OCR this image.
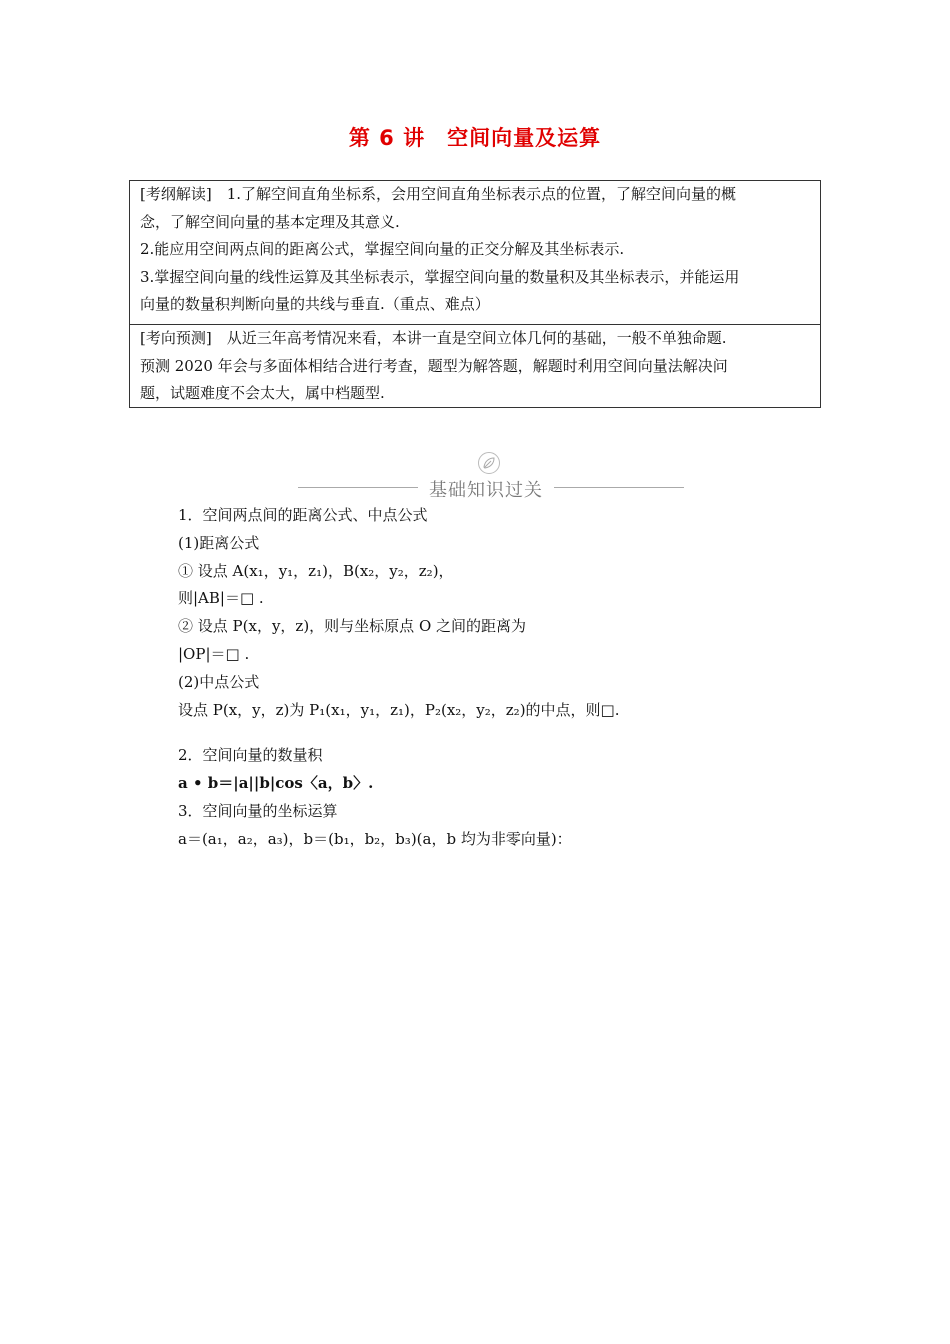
第 6 讲　空间向量及运算

[考纲解读]　1.了解空间直角坐标系，会用空间直角坐标表示点的位置，了解空间向量的概

念，了解空间向量的基本定理及其意义.

2.能应用空间两点间的距离公式，掌握空间向量的正交分解及其坐标表示.

3.掌握空间向量的线性运算及其坐标表示，掌握空间向量的数量积及其坐标表示，并能运用

向量的数量积判断向量的共线与垂直.（重点、难点）

[考向预测]　从近三年高考情况来看，本讲一直是空间立体几何的基础，一般不单独命题.

预测 2020 年会与多面体相结合进行考查，题型为解答题，解题时利用空间向量法解决问

题，试题难度不会太大，属中档题型.

基础知识过关

1．空间两点间的距离公式、中点公式

(1)距离公式

① 设点 A(x₁，y₁，z₁)，B(x₂，y₂，z₂)，

则|AB|＝□ .

② 设点 P(x，y，z)，则与坐标原点 O 之间的距离为

|OP|＝□ .

(2)中点公式

设点 P(x，y，z)为 P₁(x₁，y₁，z₁)，P₂(x₂，y₂，z₂)的中点，则□.

2．空间向量的数量积

a • b＝|a||b|cos〈a，b〉.

3．空间向量的坐标运算

a＝(a₁，a₂，a₃)，b＝(b₁，b₂，b₃)(a，b 均为非零向量)：
